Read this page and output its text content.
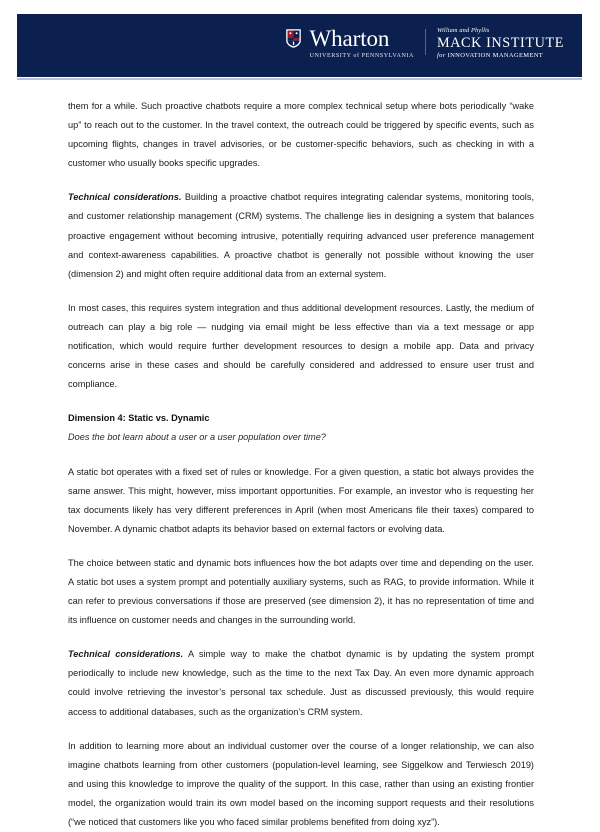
Wharton
UNIVERSITY of PENNSYLVANIA
William and Phyllis
MACK INSTITUTE
for INNOVATION MANAGEMENT

them for a while. Such proactive chatbots require a more complex technical setup where bots periodically “wake up” to reach out to the customer. In the travel context, the outreach could be triggered by specific events, such as upcoming flights, changes in travel advisories, or be customer-specific behaviors, such as checking in with a customer who usually books specific upgrades.

Technical considerations. Building a proactive chatbot requires integrating calendar systems, monitoring tools, and customer relationship management (CRM) systems. The challenge lies in designing a system that balances proactive engagement without becoming intrusive, potentially requiring advanced user preference management and context-awareness capabilities. A proactive chatbot is generally not possible without knowing the user (dimension 2) and might often require additional data from an external system.

In most cases, this requires system integration and thus additional development resources. Lastly, the medium of outreach can play a big role — nudging via email might be less effective than via a text message or app notification, which would require further development resources to design a mobile app. Data and privacy concerns arise in these cases and should be carefully considered and addressed to ensure user trust and compliance.

Dimension 4: Static vs. Dynamic

Does the bot learn about a user or a user population over time?

A static bot operates with a fixed set of rules or knowledge. For a given question, a static bot always provides the same answer. This might, however, miss important opportunities. For example, an investor who is requesting her tax documents likely has very different preferences in April (when most Americans file their taxes) compared to November. A dynamic chatbot adapts its behavior based on external factors or evolving data.

The choice between static and dynamic bots influences how the bot adapts over time and depending on the user. A static bot uses a system prompt and potentially auxiliary systems, such as RAG, to provide information. While it can refer to previous conversations if those are preserved (see dimension 2), it has no representation of time and its influence on customer needs and changes in the surrounding world.

Technical considerations. A simple way to make the chatbot dynamic is by updating the system prompt periodically to include new knowledge, such as the time to the next Tax Day. An even more dynamic approach could involve retrieving the investor’s personal tax schedule. Just as discussed previously, this would require access to additional databases, such as the organization’s CRM system.

In addition to learning more about an individual customer over the course of a longer relationship, we can also imagine chatbots learning from other customers (population-level learning, see Siggelkow and Terwiesch 2019) and using this knowledge to improve the quality of the support. In this case, rather than using an existing frontier model, the organization would train its own model based on the incoming support requests and their resolutions (“we noticed that customers like you who faced similar problems benefited from doing xyz”).
